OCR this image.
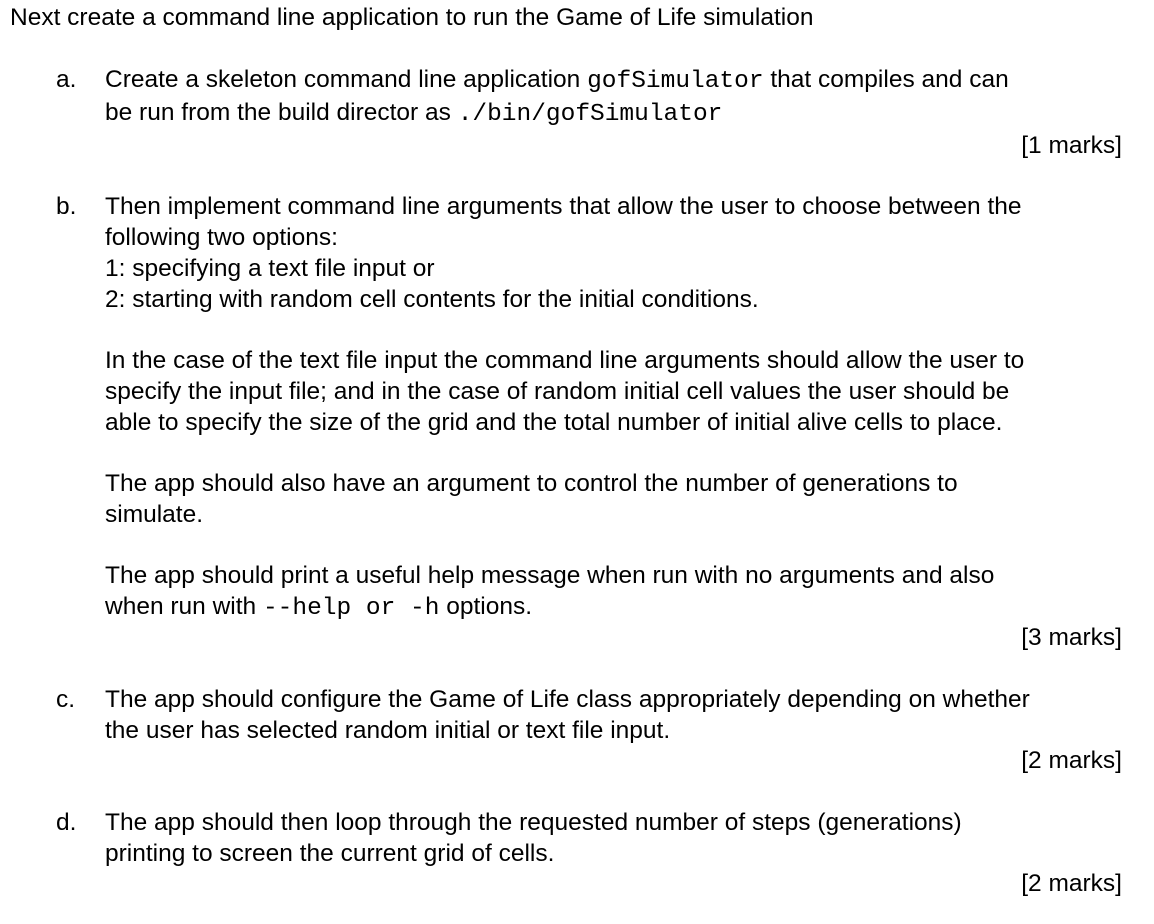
Next create a command line application to run the Game of Life simulation
a. Create a skeleton command line application gofSimulator that compiles and can
be run from the build director as ./bin/gofSimulator
[1 marks]
b. Then implement command line arguments that allow the user to choose between the
following two options:
1: specifying a text file input or
2: starting with random cell contents for the initial conditions.
In the case of the text file input the command line arguments should allow the user to
specify the input file; and in the case of random initial cell values the user should be
able to specify the size of the grid and the total number of initial alive cells to place.
The app should also have an argument to control the number of generations to
simulate.
The app should print a useful help message when run with no arguments and also
when run with --help or -h options.
[3 marks]
c. The app should configure the Game of Life class appropriately depending on whether
the user has selected random initial or text file input.
[2 marks]
d. The app should then loop through the requested number of steps (generations)
printing to screen the current grid of cells.
[2 marks]
